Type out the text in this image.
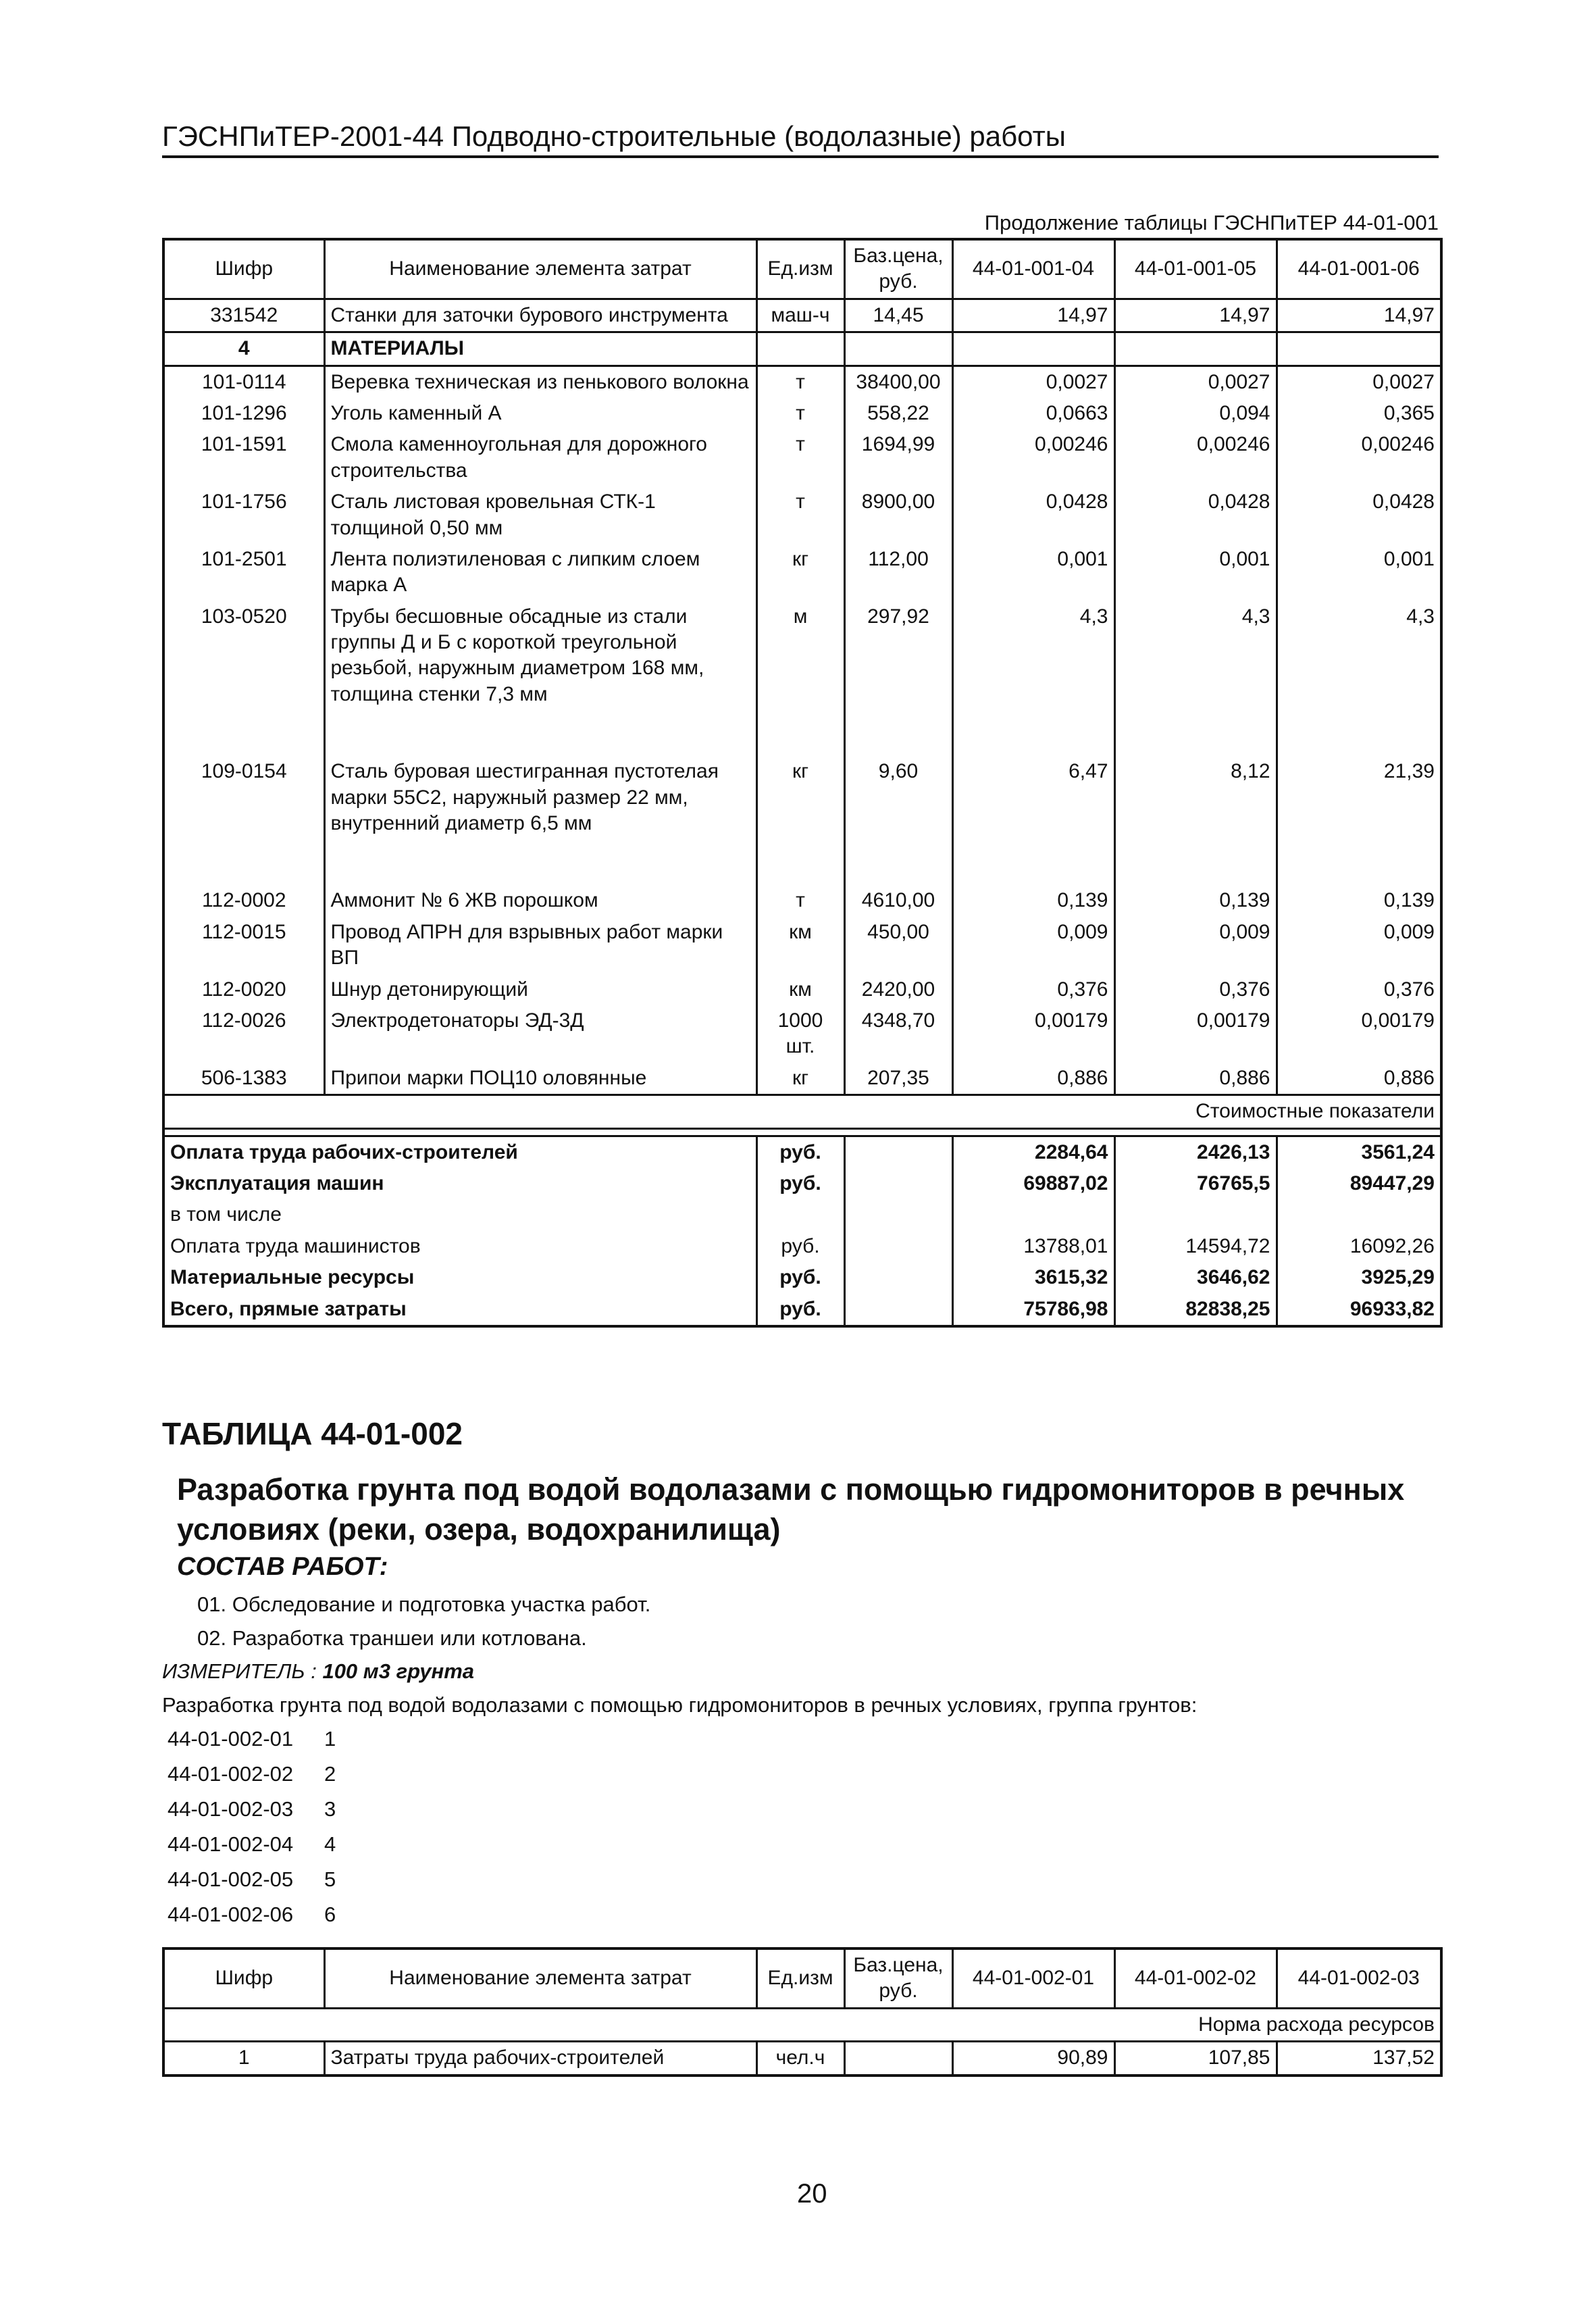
ГЭСНПиТЕР-2001-44 Подводно-строительные (водолазные) работы
Продолжение таблицы ГЭСНПиТЕР 44-01-001
Шифр	Наименование элемента затрат	Ед.изм	Баз.цена, руб.	44-01-001-04	44-01-001-05	44-01-001-06
331542	Станки для заточки бурового инструмента	маш-ч	14,45	14,97	14,97	14,97
4	МАТЕРИАЛЫ					
101-0114	Веревка техническая из пенькового волокна	т	38400,00	0,0027	0,0027	0,0027
101-1296	Уголь каменный А	т	558,22	0,0663	0,094	0,365
101-1591	Смола каменноугольная для дорожного строительства	т	1694,99	0,00246	0,00246	0,00246
101-1756	Сталь листовая кровельная СТК-1 толщиной 0,50 мм	т	8900,00	0,0428	0,0428	0,0428
101-2501	Лента полиэтиленовая с липким слоем марка А	кг	112,00	0,001	0,001	0,001
103-0520	Трубы бесшовные обсадные из стали группы Д и Б с короткой треугольной резьбой, наружным диаметром 168 мм, толщина стенки 7,3 мм	м	297,92	4,3	4,3	4,3

109-0154	Сталь буровая шестигранная пустотелая марки 55С2, наружный размер 22 мм, внутренний диаметр 6,5 мм	кг	9,60	6,47	8,12	21,39

112-0002	Аммонит № 6 ЖВ порошком	т	4610,00	0,139	0,139	0,139
112-0015	Провод АПРН для взрывных работ марки ВП	км	450,00	0,009	0,009	0,009
112-0020	Шнур детонирующий	км	2420,00	0,376	0,376	0,376
112-0026	Электродетонаторы ЭД-3Д	1000 шт.	4348,70	0,00179	0,00179	0,00179
506-1383	Припои марки ПОЦ10 оловянные	кг	207,35	0,886	0,886	0,886
Стоимостные показатели						

Оплата труда рабочих-строителей		руб.		2284,64	2426,13	3561,24
Эксплуатация машин		руб.		69887,02	76765,5	89447,29
в том числе						
Оплата труда машинистов		руб.		13788,01	14594,72	16092,26
Материальные ресурсы		руб.		3615,32	3646,62	3925,29
Всего, прямые затраты		руб.		75786,98	82838,25	96933,82
ТАБЛИЦА 44-01-002
Разработка грунта под водой водолазами с помощью гидромониторов в речных условиях (реки, озера, водохранилища)
СОСТАВ РАБОТ:
01. Обследование и подготовка участка работ.
02. Разработка траншеи или котлована.
ИЗМЕРИТЕЛЬ : 100 м3 грунта
Разработка грунта под водой водолазами с помощью гидромониторов в речных условиях, группа грунтов:
44-01-002-01 1
44-01-002-02 2
44-01-002-03 3
44-01-002-04 4
44-01-002-05 5
44-01-002-06 6
Шифр	Наименование элемента затрат	Ед.изм	Баз.цена, руб.	44-01-002-01	44-01-002-02	44-01-002-03
Норма расхода ресурсов						
1	Затраты труда рабочих-строителей	чел.ч		90,89	107,85	137,52
20
